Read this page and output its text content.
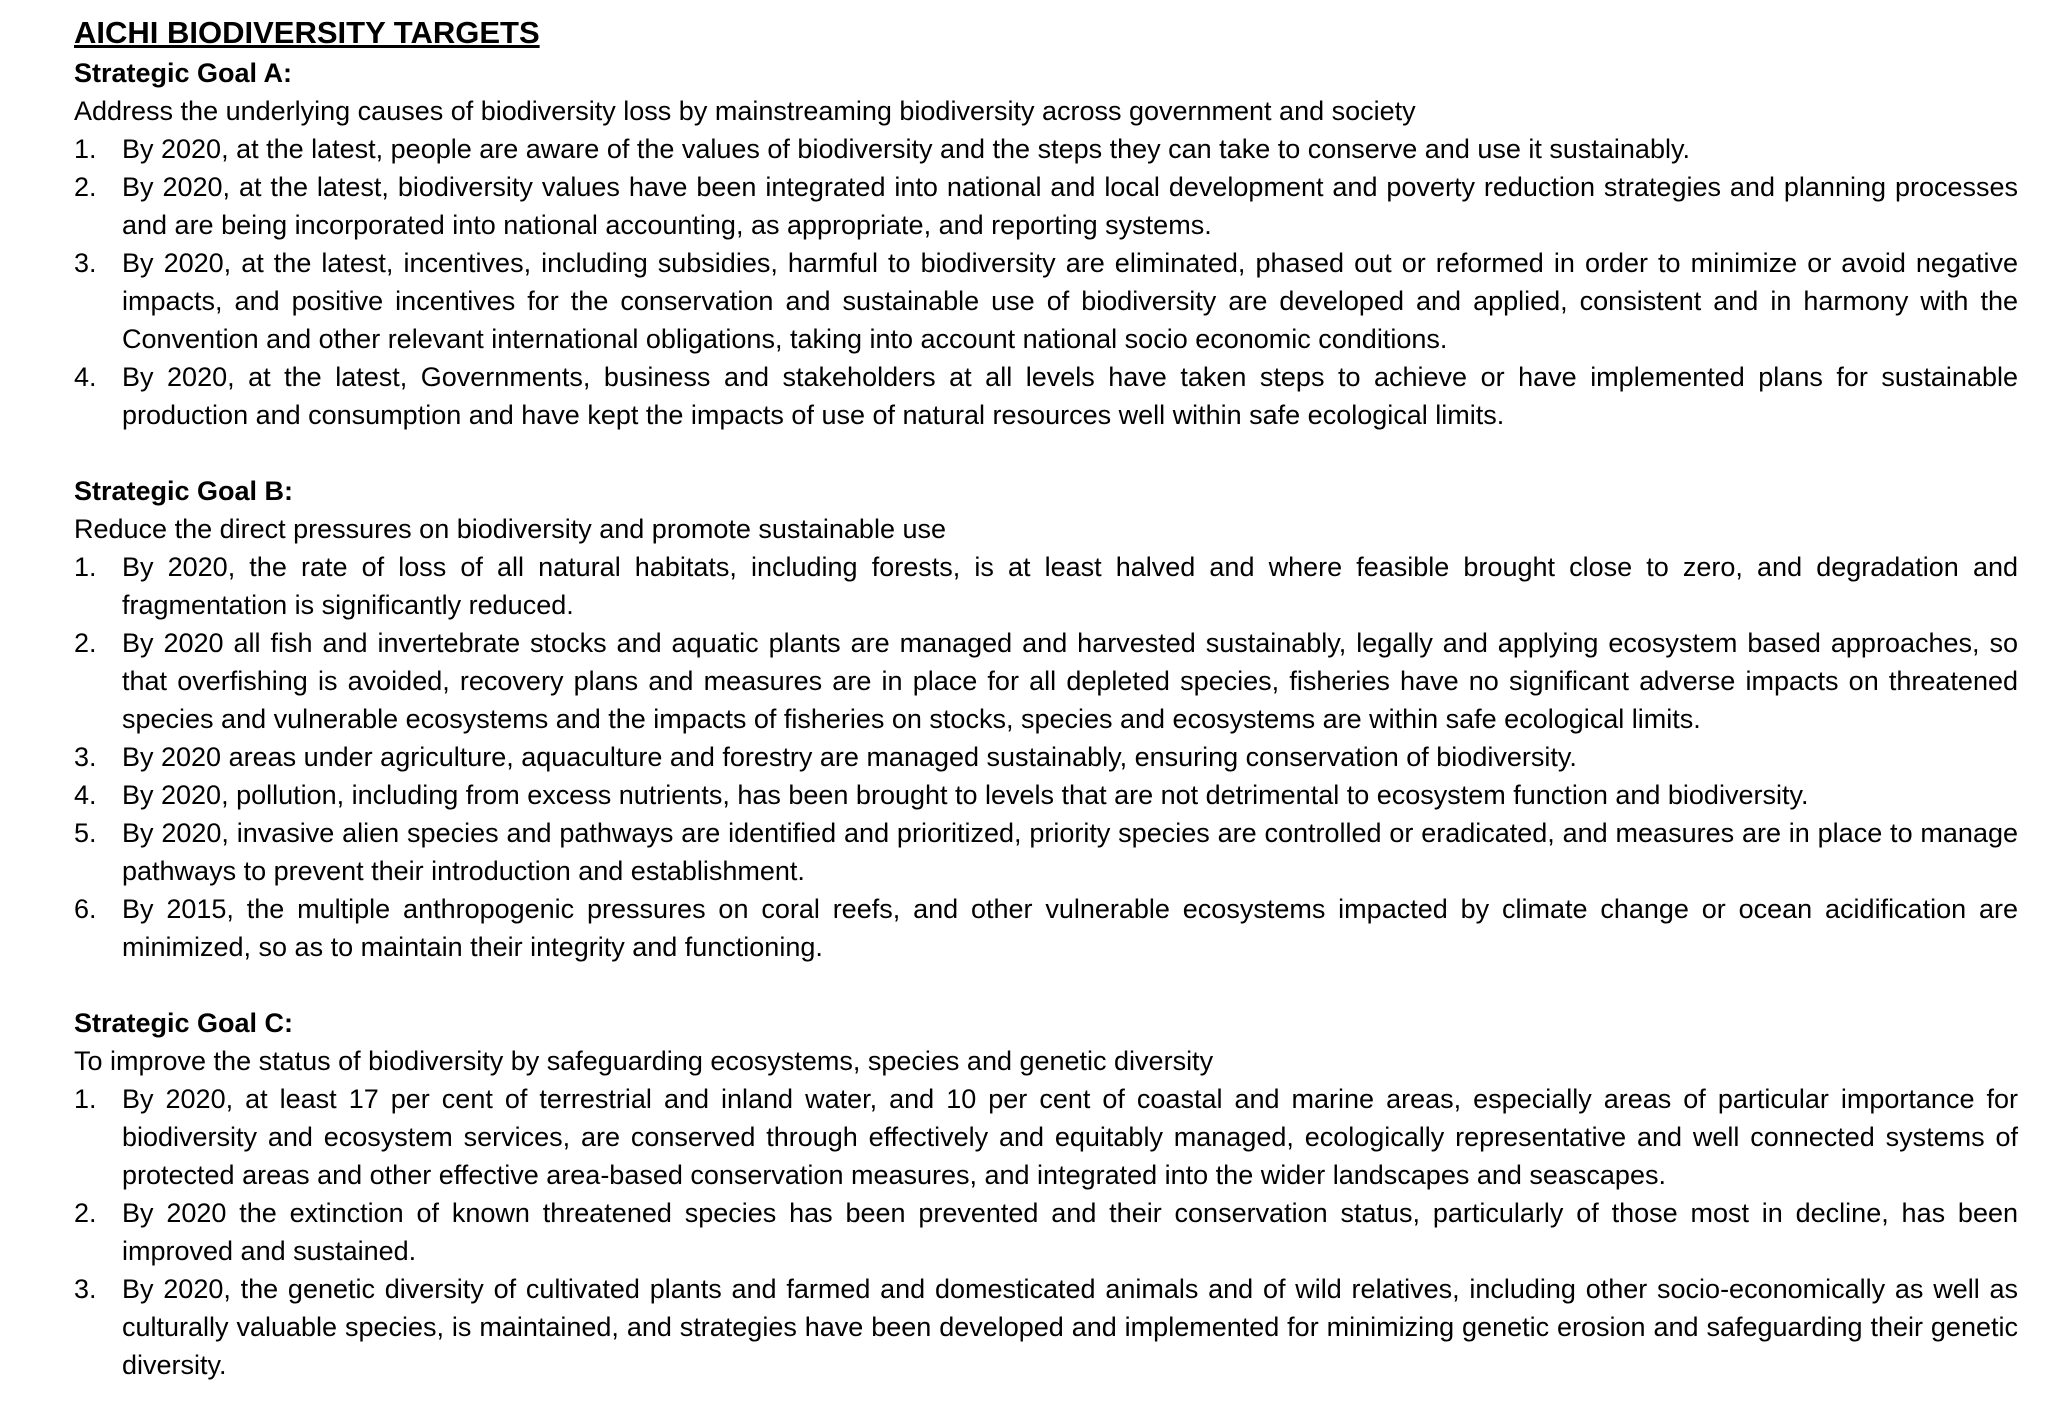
AICHI BIODIVERSITY TARGETS
Strategic Goal A:
Address the underlying causes of biodiversity loss by mainstreaming biodiversity across government and society
1. By 2020, at the latest, people are aware of the values of biodiversity and the steps they can take to conserve and use it sustainably.
2. By 2020, at the latest, biodiversity values have been integrated into national and local development and poverty reduction strategies and planning processes and are being incorporated into national accounting, as appropriate, and reporting systems.
3. By 2020, at the latest, incentives, including subsidies, harmful to biodiversity are eliminated, phased out or reformed in order to minimize or avoid negative impacts, and positive incentives for the conservation and sustainable use of biodiversity are developed and applied, consistent and in harmony with the Convention and other relevant international obligations, taking into account national socio economic conditions.
4. By 2020, at the latest, Governments, business and stakeholders at all levels have taken steps to achieve or have implemented plans for sustainable production and consumption and have kept the impacts of use of natural resources well within safe ecological limits.
Strategic Goal B:
Reduce the direct pressures on biodiversity and promote sustainable use
1. By 2020, the rate of loss of all natural habitats, including forests, is at least halved and where feasible brought close to zero, and degradation and fragmentation is significantly reduced.
2. By 2020 all fish and invertebrate stocks and aquatic plants are managed and harvested sustainably, legally and applying ecosystem based approaches, so that overfishing is avoided, recovery plans and measures are in place for all depleted species, fisheries have no significant adverse impacts on threatened species and vulnerable ecosystems and the impacts of fisheries on stocks, species and ecosystems are within safe ecological limits.
3. By 2020 areas under agriculture, aquaculture and forestry are managed sustainably, ensuring conservation of biodiversity.
4. By 2020, pollution, including from excess nutrients, has been brought to levels that are not detrimental to ecosystem function and biodiversity.
5. By 2020, invasive alien species and pathways are identified and prioritized, priority species are controlled or eradicated, and measures are in place to manage pathways to prevent their introduction and establishment.
6. By 2015, the multiple anthropogenic pressures on coral reefs, and other vulnerable ecosystems impacted by climate change or ocean acidification are minimized, so as to maintain their integrity and functioning.
Strategic Goal C:
To improve the status of biodiversity by safeguarding ecosystems, species and genetic diversity
1. By 2020, at least 17 per cent of terrestrial and inland water, and 10 per cent of coastal and marine areas, especially areas of particular importance for biodiversity and ecosystem services, are conserved through effectively and equitably managed, ecologically representative and well connected systems of protected areas and other effective area-based conservation measures, and integrated into the wider landscapes and seascapes.
2. By 2020 the extinction of known threatened species has been prevented and their conservation status, particularly of those most in decline, has been improved and sustained.
3. By 2020, the genetic diversity of cultivated plants and farmed and domesticated animals and of wild relatives, including other socio-economically as well as culturally valuable species, is maintained, and strategies have been developed and implemented for minimizing genetic erosion and safeguarding their genetic diversity.
